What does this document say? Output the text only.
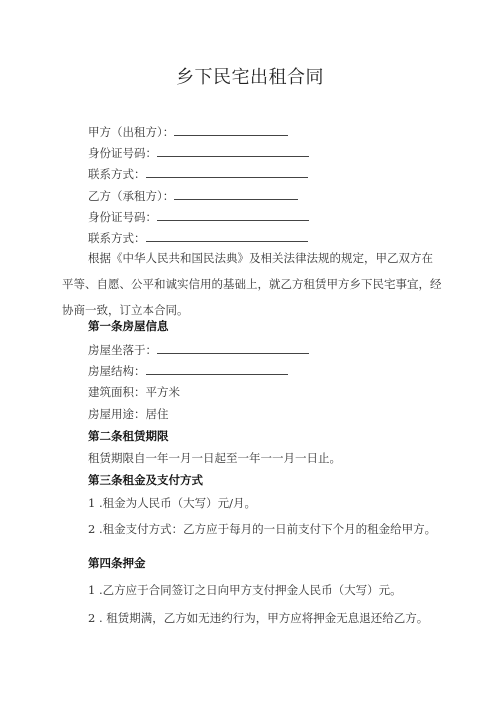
乡下民宅出租合同
甲方（出租方）：
身份证号码：
联系方式：
乙方（承租方）：
身份证号码：
联系方式：
根据《中华人民共和国民法典》及相关法律法规的规定，甲乙双方在平等、自愿、公平和诚实信用的基础上，就乙方租赁甲方乡下民宅事宜，经协商一致，订立本合同。
第一条房屋信息
房屋坐落于：
房屋结构：
建筑面积：平方米
房屋用途：居住
第二条租赁期限
租赁期限自一年一月一日起至一年一一月一日止。
第三条租金及支付方式
1 .租金为人民币（大写）元/月。
2 .租金支付方式：乙方应于每月的一日前支付下个月的租金给甲方。
第四条押金
1 .乙方应于合同签订之日向甲方支付押金人民币（大写）元。
2 . 租赁期满，乙方如无违约行为，甲方应将押金无息退还给乙方。
